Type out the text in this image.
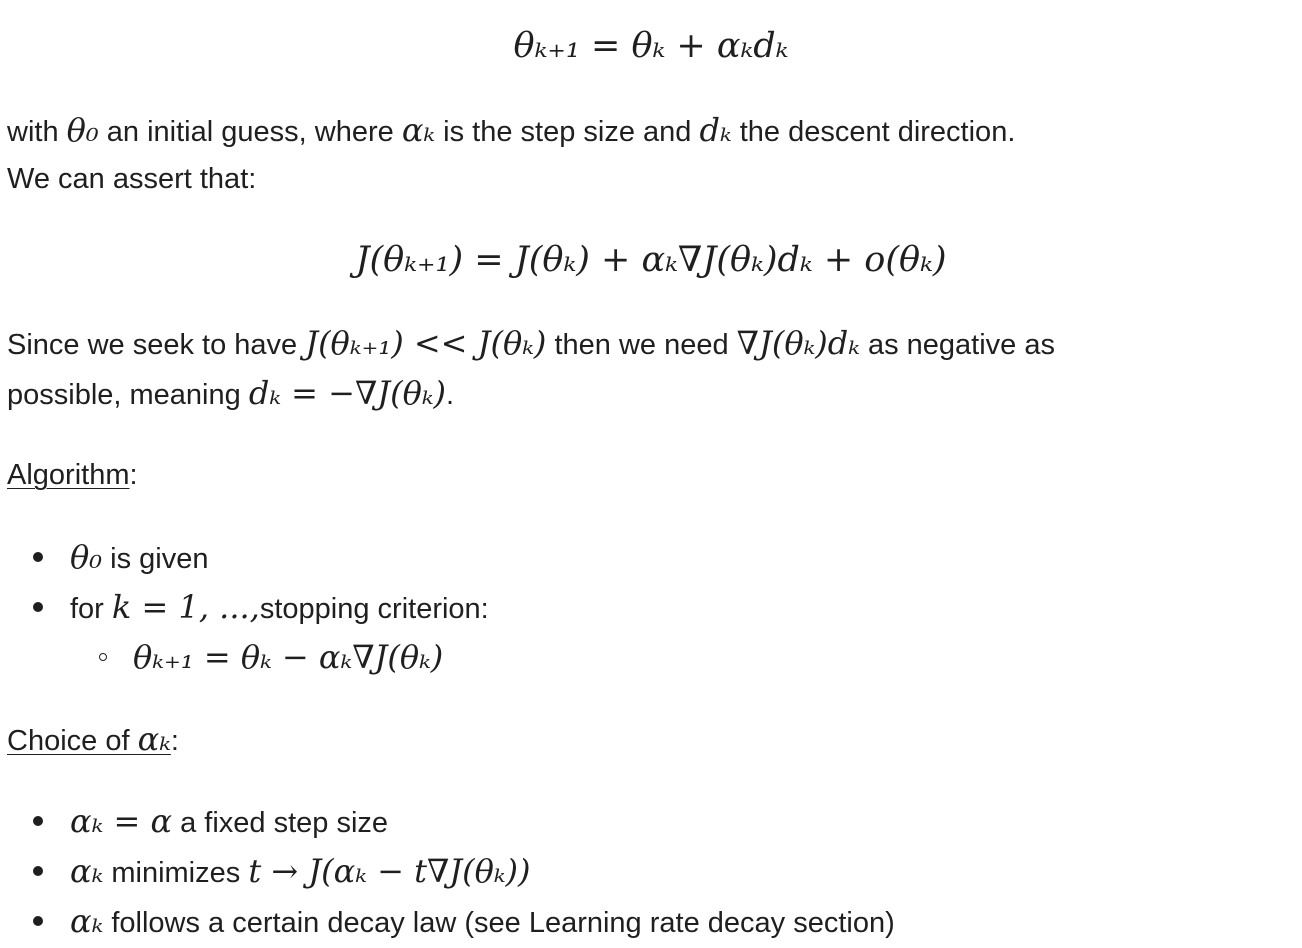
θₖ₊₁ = θₖ + αₖdₖ
with θ₀ an initial guess, where αₖ is the step size and dₖ the descent direction.
We can assert that:
J(θₖ₊₁) = J(θₖ) + αₖ∇J(θₖ)dₖ + o(θₖ)
Since we seek to have J(θₖ₊₁) << J(θₖ) then we need ∇J(θₖ)dₖ as negative as
possible, meaning dₖ = −∇J(θₖ).
Algorithm:
θ₀ is given
for k = 1, ...,stopping criterion:
θₖ₊₁ = θₖ − αₖ∇J(θₖ)
Choice of αₖ:
αₖ = α a fixed step size
αₖ minimizes t → J(αₖ − t∇J(θₖ))
αₖ follows a certain decay law (see Learning rate decay section)
